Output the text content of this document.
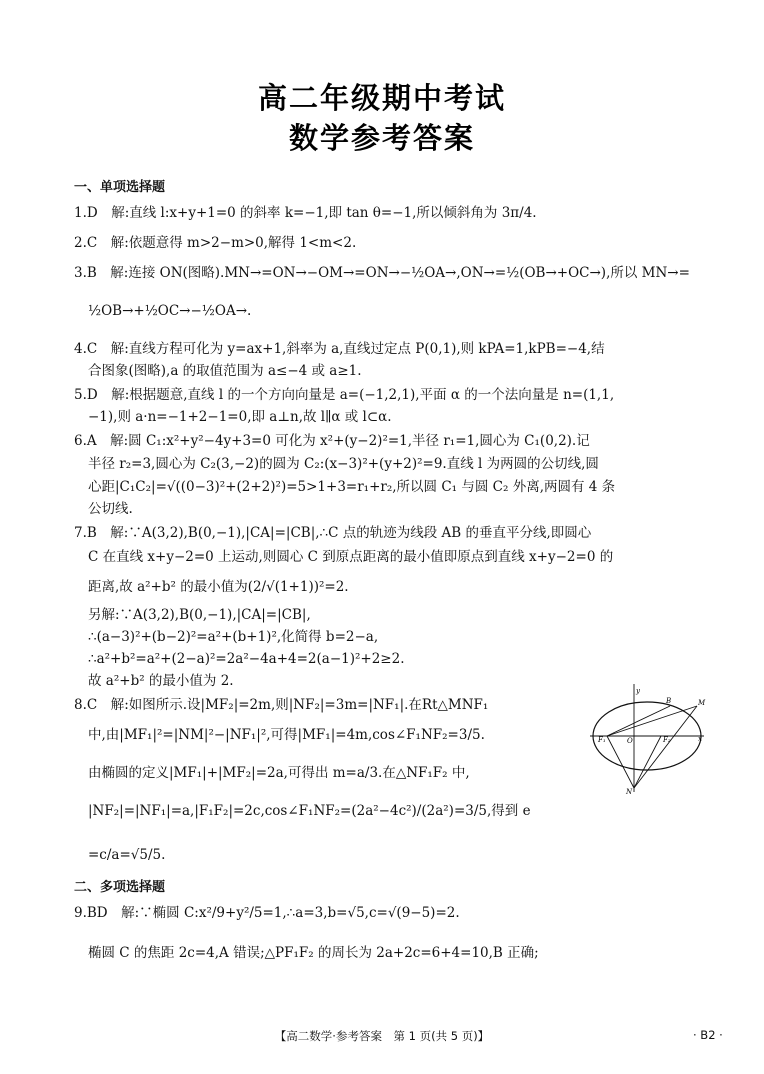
高二年级期中考试
数学参考答案
一、单项选择题
1.D　解:直线 l:x+y+1=0 的斜率 k=−1,即 tan θ=−1,所以倾斜角为 3π/4.
2.C　解:依题意得 m>2−m>0,解得 1<m<2.
3.B　解:连接 ON(图略).MN→=ON→−OM→=ON→−½OA→,ON→=½(OB→+OC→),所以 MN→=
½OB→+½OC→−½OA→.
4.C　解:直线方程可化为 y=ax+1,斜率为 a,直线过定点 P(0,1),则 kPA=1,kPB=−4,结
合图象(图略),a 的取值范围为 a≤−4 或 a≥1.
5.D　解:根据题意,直线 l 的一个方向向量是 a=(−1,2,1),平面 α 的一个法向量是 n=(1,1,
−1),则 a·n=−1+2−1=0,即 a⊥n,故 l∥α 或 l⊂α.
6.A　解:圆 C₁:x²+y²−4y+3=0 可化为 x²+(y−2)²=1,半径 r₁=1,圆心为 C₁(0,2).记
半径 r₂=3,圆心为 C₂(3,−2)的圆为 C₂:(x−3)²+(y+2)²=9.直线 l 为两圆的公切线,圆
心距|C₁C₂|=√((0−3)²+(2+2)²)=5>1+3=r₁+r₂,所以圆 C₁ 与圆 C₂ 外离,两圆有 4 条
公切线.
7.B　解:∵A(3,2),B(0,−1),|CA|=|CB|,∴C 点的轨迹为线段 AB 的垂直平分线,即圆心
C 在直线 x+y−2=0 上运动,则圆心 C 到原点距离的最小值即原点到直线 x+y−2=0 的
距离,故 a²+b² 的最小值为(2/√(1+1))²=2.
另解:∵A(3,2),B(0,−1),|CA|=|CB|,
∴(a−3)²+(b−2)²=a²+(b+1)²,化简得 b=2−a,
∴a²+b²=a²+(2−a)²=2a²−4a+4=2(a−1)²+2≥2.
故 a²+b² 的最小值为 2.
8.C　解:如图所示.设|MF₂|=2m,则|NF₂|=3m=|NF₁|.在Rt△MNF₁
中,由|MF₁|²=|NM|²−|NF₁|²,可得|MF₁|=4m,cos∠F₁NF₂=3/5.
由椭圆的定义|MF₁|+|MF₂|=2a,可得出 m=a/3.在△NF₁F₂ 中,
|NF₂|=|NF₁|=a,|F₁F₂|=2c,cos∠F₁NF₂=(2a²−4c²)/(2a²)=3/5,得到 e
=c/a=√5/5.
y
x
B	M
F₁	O	F₂
N
二、多项选择题
9.BD　解:∵椭圆 C:x²/9+y²/5=1,∴a=3,b=√5,c=√(9−5)=2.
椭圆 C 的焦距 2c=4,A 错误;△PF₁F₂ 的周长为 2a+2c=6+4=10,B 正确;
【高二数学·参考答案　第 1 页(共 5 页)】	· B2 ·
